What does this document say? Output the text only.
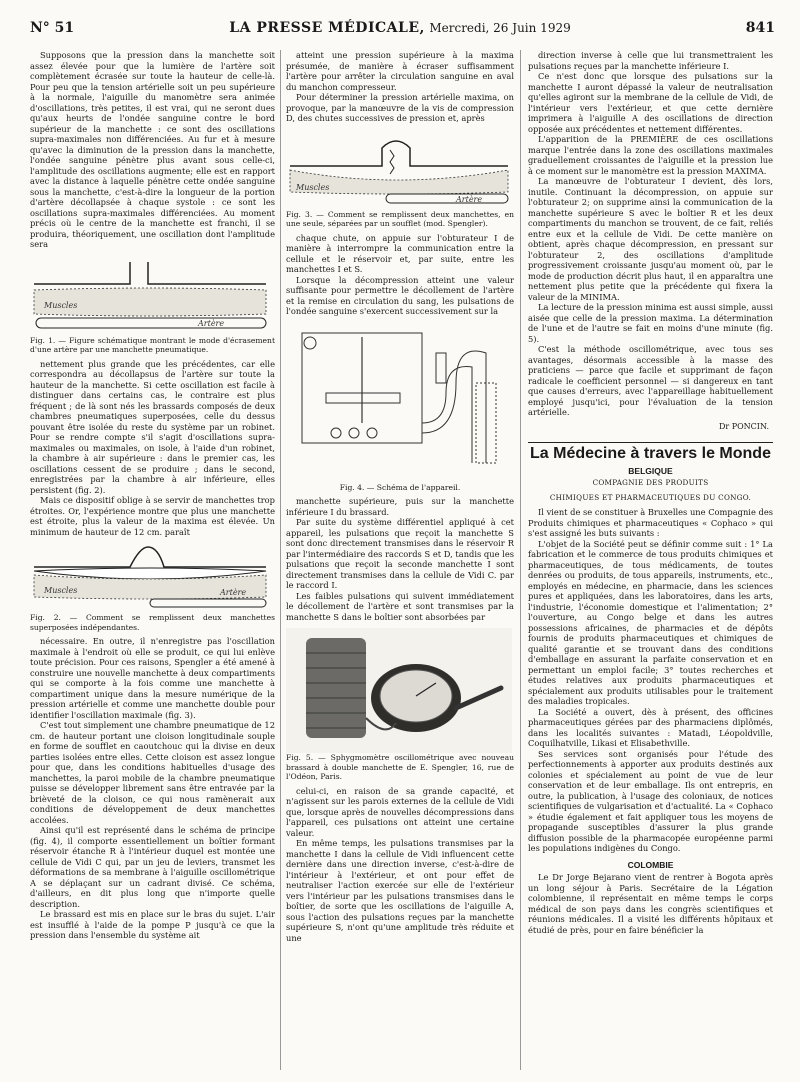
N° 51	LA PRESSE MÉDICALE, Mercredi, 26 Juin 1929	841

Supposons que la pression dans la manchette soit assez élevée pour que la lumière de l'artère soit complètement écrasée sur toute la hauteur de celle-là. Pour peu que la tension artérielle soit un peu supérieure à la normale, l'aiguille du manomètre sera animée d'oscillations, très petites, il est vrai, qui ne seront dues qu'aux heurts de l'ondée sanguine contre le bord supérieur de la manchette : ce sont des oscillations supra-maximales non différenciées. Au fur et à mesure qu'avec la diminution de la pression dans la manchette, l'ondée sanguine pénètre plus avant sous celle-ci, l'amplitude des oscillations augmente; elle est en rapport avec la distance à laquelle pénètre cette ondée sanguine sous la manchette, c'est-à-dire la longueur de la portion d'artère décollapsée à chaque systole : ce sont les oscillations supra-maximales différenciées. Au moment précis où le centre de la manchette est franchi, il se produira, théoriquement, une oscillation dont l'amplitude sera

Muscles
Artère

Fig. 1. — Figure schématique montrant le mode d'écrasement d'une artère par une manchette pneumatique.

nettement plus grande que les précédentes, car elle correspondra au décollapsus de l'artère sur toute la hauteur de la manchette. Si cette oscillation est facile à distinguer dans certains cas, le contraire est plus fréquent ; de là sont nés les brassards composés de deux chambres pneumatiques superposées, celle du dessus pouvant être isolée du reste du système par un robinet. Pour se rendre compte s'il s'agit d'oscillations supra-maximales ou maximales, on isole, à l'aide d'un robinet, la chambre à air supérieure : dans le premier cas, les oscillations cessent de se produire ; dans le second, enregistrées par la chambre à air inférieure, elles persistent (fig. 2).

Mais ce dispositif oblige à se servir de manchettes trop étroites. Or, l'expérience montre que plus une manchette est étroite, plus la valeur de la maxima est élevée. Un minimum de hauteur de 12 cm. paraît

Muscles	Artère

Fig. 2. — Comment se remplissent deux manchettes superposées indépendantes.

nécessaire. En outre, il n'enregistre pas l'oscillation maximale à l'endroit où elle se produit, ce qui lui enlève toute précision. Pour ces raisons, Spengler a été amené à construire une nouvelle manchette à deux compartiments qui se comporte à la fois comme une manchette à compartiment unique dans la mesure numérique de la pression artérielle et comme une manchette double pour identifier l'oscillation maximale (fig. 3).

C'est tout simplement une chambre pneumatique de 12 cm. de hauteur portant une cloison longitudinale souple en forme de soufflet en caoutchouc qui la divise en deux parties isolées entre elles. Cette cloison est assez longue pour que, dans les conditions habituelles d'usage des manchettes, la paroi mobile de la chambre pneumatique puisse se développer librement sans être entravée par la brièveté de la cloison, ce qui nous ramènerait aux conditions de développement de deux manchettes accolées.

Ainsi qu'il est représenté dans le schéma de principe (fig. 4), il comporte essentiellement un boîtier formant réservoir étanche R à l'intérieur duquel est montée une cellule de Vidi C qui, par un jeu de leviers, transmet les déformations de sa membrane à l'aiguille oscillométrique A se déplaçant sur un cadrant divisé. Ce schéma, d'ailleurs, en dit plus long que n'importe quelle description.

Le brassard est mis en place sur le bras du sujet. L'air est insufflé à l'aide de la pompe P jusqu'à ce que la pression dans l'ensemble du système ait

atteint une pression supérieure à la maxima présumée, de manière à écraser suffisamment l'artère pour arrêter la circulation sanguine en aval du manchon compresseur.

Pour déterminer la pression artérielle maxima, on provoque, par la manœuvre de la vis de compression D, des chutes successives de pression et, après

Muscles
Artère

Fig. 3. — Comment se remplissent deux manchettes, en une seule, séparées par un soufflet (mod. Spengler).

chaque chute, on appuie sur l'obturateur I de manière à interrompre la communication entre la cellule et le réservoir et, par suite, entre les manchettes I et S.

Lorsque la décompression atteint une valeur suffisante pour permettre le décollement de l'artère et la remise en circulation du sang, les pulsations de l'ondée sanguine s'exercent successivement sur la

Fig. 4. — Schéma de l'appareil.

manchette supérieure, puis sur la manchette inférieure I du brassard.

Par suite du système différentiel appliqué à cet appareil, les pulsations que reçoit la manchette S sont donc directement transmises dans le réservoir R par l'intermédiaire des raccords S et D, tandis que les pulsations que reçoit la seconde manchette I sont directement transmises dans la cellule de Vidi C. par le raccord I.

Les faibles pulsations qui suivent immédiatement le décollement de l'artère et sont transmises par la manchette S dans le boîtier sont absorbées par

Fig. 5. — Sphygmomètre oscillométrique avec nouveau brassard à double manchette de E. Spengler, 16, rue de l'Odéon, Paris.

celui-ci, en raison de sa grande capacité, et n'agissent sur les parois externes de la cellule de Vidi que, lorsque après de nouvelles décompressions dans l'appareil, ces pulsations ont atteint une certaine valeur.

En même temps, les pulsations transmises par la manchette I dans la cellule de Vidi influencent cette dernière dans une direction inverse, c'est-à-dire de l'intérieur à l'extérieur, et ont pour effet de neutraliser l'action exercée sur elle de l'extérieur vers l'intérieur par les pulsations transmises dans le boîtier, de sorte que les oscillations de l'aiguille A, sous l'action des pulsations reçues par la manchette supérieure S, n'ont qu'une amplitude très réduite et une

direction inverse à celle que lui transmettraient les pulsations reçues par la manchette inférieure I.

Ce n'est donc que lorsque des pulsations sur la manchette I auront dépassé la valeur de neutralisation qu'elles agiront sur la membrane de la cellule de Vidi, de l'intérieur vers l'extérieur, et que cette dernière imprimera à l'aiguille A des oscillations de direction opposée aux précédentes et nettement différentes.

L'apparition de la PREMIÈRE de ces oscillations marque l'entrée dans la zone des oscillations maximales graduellement croissantes de l'aiguille et la pression lue à ce moment sur le manomètre est la pression MAXIMA.

La manœuvre de l'obturateur I devient, dès lors, inutile. Continuant la décompression, on appuie sur l'obturateur 2; on supprime ainsi la communication de la manchette supérieure S avec le boîtier R et les deux compartiments du manchon se trouvent, de ce fait, reliés entre eux et la cellule de Vidi. De cette manière on obtient, après chaque décompression, en pressant sur l'obturateur 2, des oscillations d'amplitude progressivement croissante jusqu'au moment où, par le mode de production décrit plus haut, il en apparaîtra une nettement plus petite que la précédente qui fixera la valeur de la MINIMA.

La lecture de la pression minima est aussi simple, aussi aisée que celle de la pression maxima. La détermination de l'une et de l'autre se fait en moins d'une minute (fig. 5).

C'est la méthode oscillométrique, avec tous ses avantages, désormais accessible à la masse des praticiens — parce que facile et supprimant de façon radicale le coefficient personnel — si dangereux en tant que causes d'erreurs, avec l'appareillage habituellement employé jusqu'ici, pour l'évaluation de la tension artérielle.

Dr PONCIN.
La Médecine à travers le Monde
BELGIQUE
COMPAGNIE DES PRODUITS
CHIMIQUES ET PHARMACEUTIQUES DU CONGO.

Il vient de se constituer à Bruxelles une Compagnie des Produits chimiques et pharmaceutiques « Cophaco » qui s'est assigné les buts suivants :

L'objet de la Société peut se définir comme suit : 1° La fabrication et le commerce de tous produits chimiques et pharmaceutiques, de tous médicaments, de toutes denrées ou produits, de tous appareils, instruments, etc., employés en médecine, en pharmacie, dans les sciences pures et appliquées, dans les laboratoires, dans les arts, l'industrie, l'économie domestique et l'alimentation; 2° l'ouverture, au Congo belge et dans les autres possessions africaines, de pharmacies et de dépôts fournis de produits pharmaceutiques et chimiques de qualité garantie et se trouvant dans des conditions d'emballage en assurant la parfaite conservation et en permettant un emploi facile; 3° toutes recherches et études relatives aux produits pharmaceutiques et spécialement aux produits utilisables pour le traitement des maladies tropicales.

La Société a ouvert, dès à présent, des officines pharmaceutiques gérées par des pharmaciens diplômés, dans les localités suivantes : Matadi, Léopoldville, Coquilhatville, Likasi et Elisabethville.

Ses services sont organisés pour l'étude des perfectionnements à apporter aux produits destinés aux colonies et spécialement au point de vue de leur conservation et de leur emballage. Ils ont entrepris, en outre, la publication, à l'usage des coloniaux, de notices scientifiques de vulgarisation et d'actualité. La « Cophaco » étudie également et fait appliquer tous les moyens de propagande susceptibles d'assurer la plus grande diffusion possible de la pharmacopée européenne parmi les populations indigènes du Congo.

COLOMBIE

Le Dr Jorge Bejarano vient de rentrer à Bogota après un long séjour à Paris. Secrétaire de la Légation colombienne, il représentait en même temps le corps médical de son pays dans les congrès scientifiques et réunions médicales. Il a visité les différents hôpitaux et étudié de près, pour en faire bénéficier la
